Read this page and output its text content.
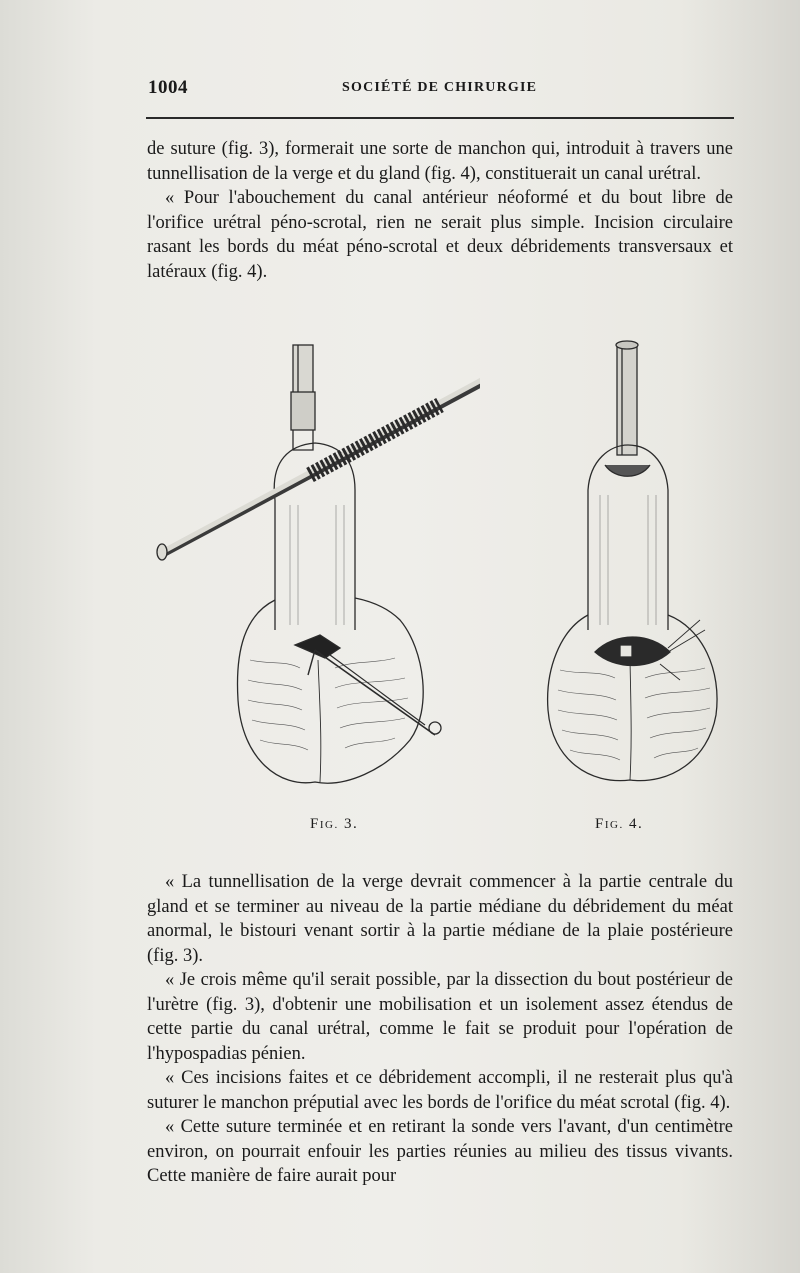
1004	SOCIÉTÉ DE CHIRURGIE

de suture (fig. 3), formerait une sorte de manchon qui, introduit à travers une tunnellisation de la verge et du gland (fig. 4), constituerait un canal urétral.

« Pour l'abouchement du canal antérieur néoformé et du bout libre de l'orifice urétral péno-scrotal, rien ne serait plus simple. Incision circulaire rasant les bords du méat péno-scrotal et deux débridements transversaux et latéraux (fig. 4).

FIG. 3.	FIG. 4.

« La tunnellisation de la verge devrait commencer à la partie centrale du gland et se terminer au niveau de la partie médiane du débridement du méat anormal, le bistouri venant sortir à la partie médiane de la plaie postérieure (fig. 3).

« Je crois même qu'il serait possible, par la dissection du bout postérieur de l'urètre (fig. 3), d'obtenir une mobilisation et un isolement assez étendus de cette partie du canal urétral, comme le fait se produit pour l'opération de l'hypospadias pénien.

« Ces incisions faites et ce débridement accompli, il ne resterait plus qu'à suturer le manchon préputial avec les bords de l'orifice du méat scrotal (fig. 4).

« Cette suture terminée et en retirant la sonde vers l'avant, d'un centimètre environ, on pourrait enfouir les parties réunies au milieu des tissus vivants. Cette manière de faire aurait pour
